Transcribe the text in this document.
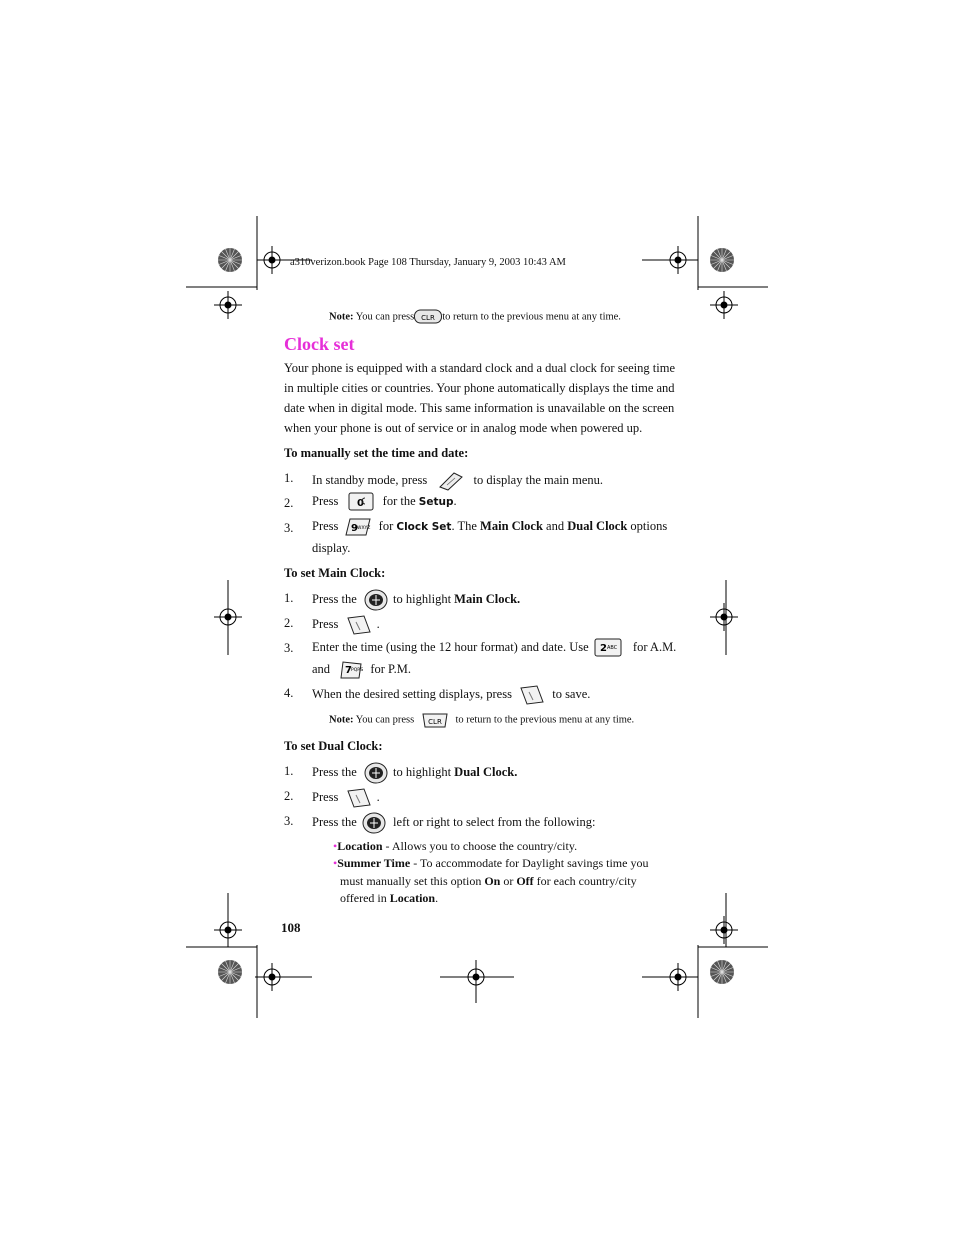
a310verizon.book Page 108 Thursday, January 9, 2003 10:43 AM
Note: You can press CLR to return to the previous menu at any time.
Clock set
Your phone is equipped with a standard clock and a dual clock for seeing time
in multiple cities or countries. Your phone automatically displays the time and
date when in digital mode. This same information is unavailable on the screen
when your phone is out of service or in analog mode when powered up.
To manually set the time and date:
1. In standby mode, press	to display the main menu.
2. Press 0 for the Setup.
3. Press 9 WXYZ for Clock Set. The Main Clock and Dual Clock options
display.
To set Main Clock:
1. Press the	to highlight Main Clock.
2. Press	.
3. Enter the time (using the 12 hour format) and date. Use 2 ABC for A.M.
and 7 PQRS for P.M.
4. When the desired setting displays, press	to save.
Note: You can press CLR to return to the previous menu at any time.
To set Dual Clock:
1. Press the	to highlight Dual Clock.
2. Press	.
3. Press the	left or right to select from the following:
•Location - Allows you to choose the country/city.
•Summer Time - To accommodate for Daylight savings time you
must manually set this option On or Off for each country/city
offered in Location.
108
